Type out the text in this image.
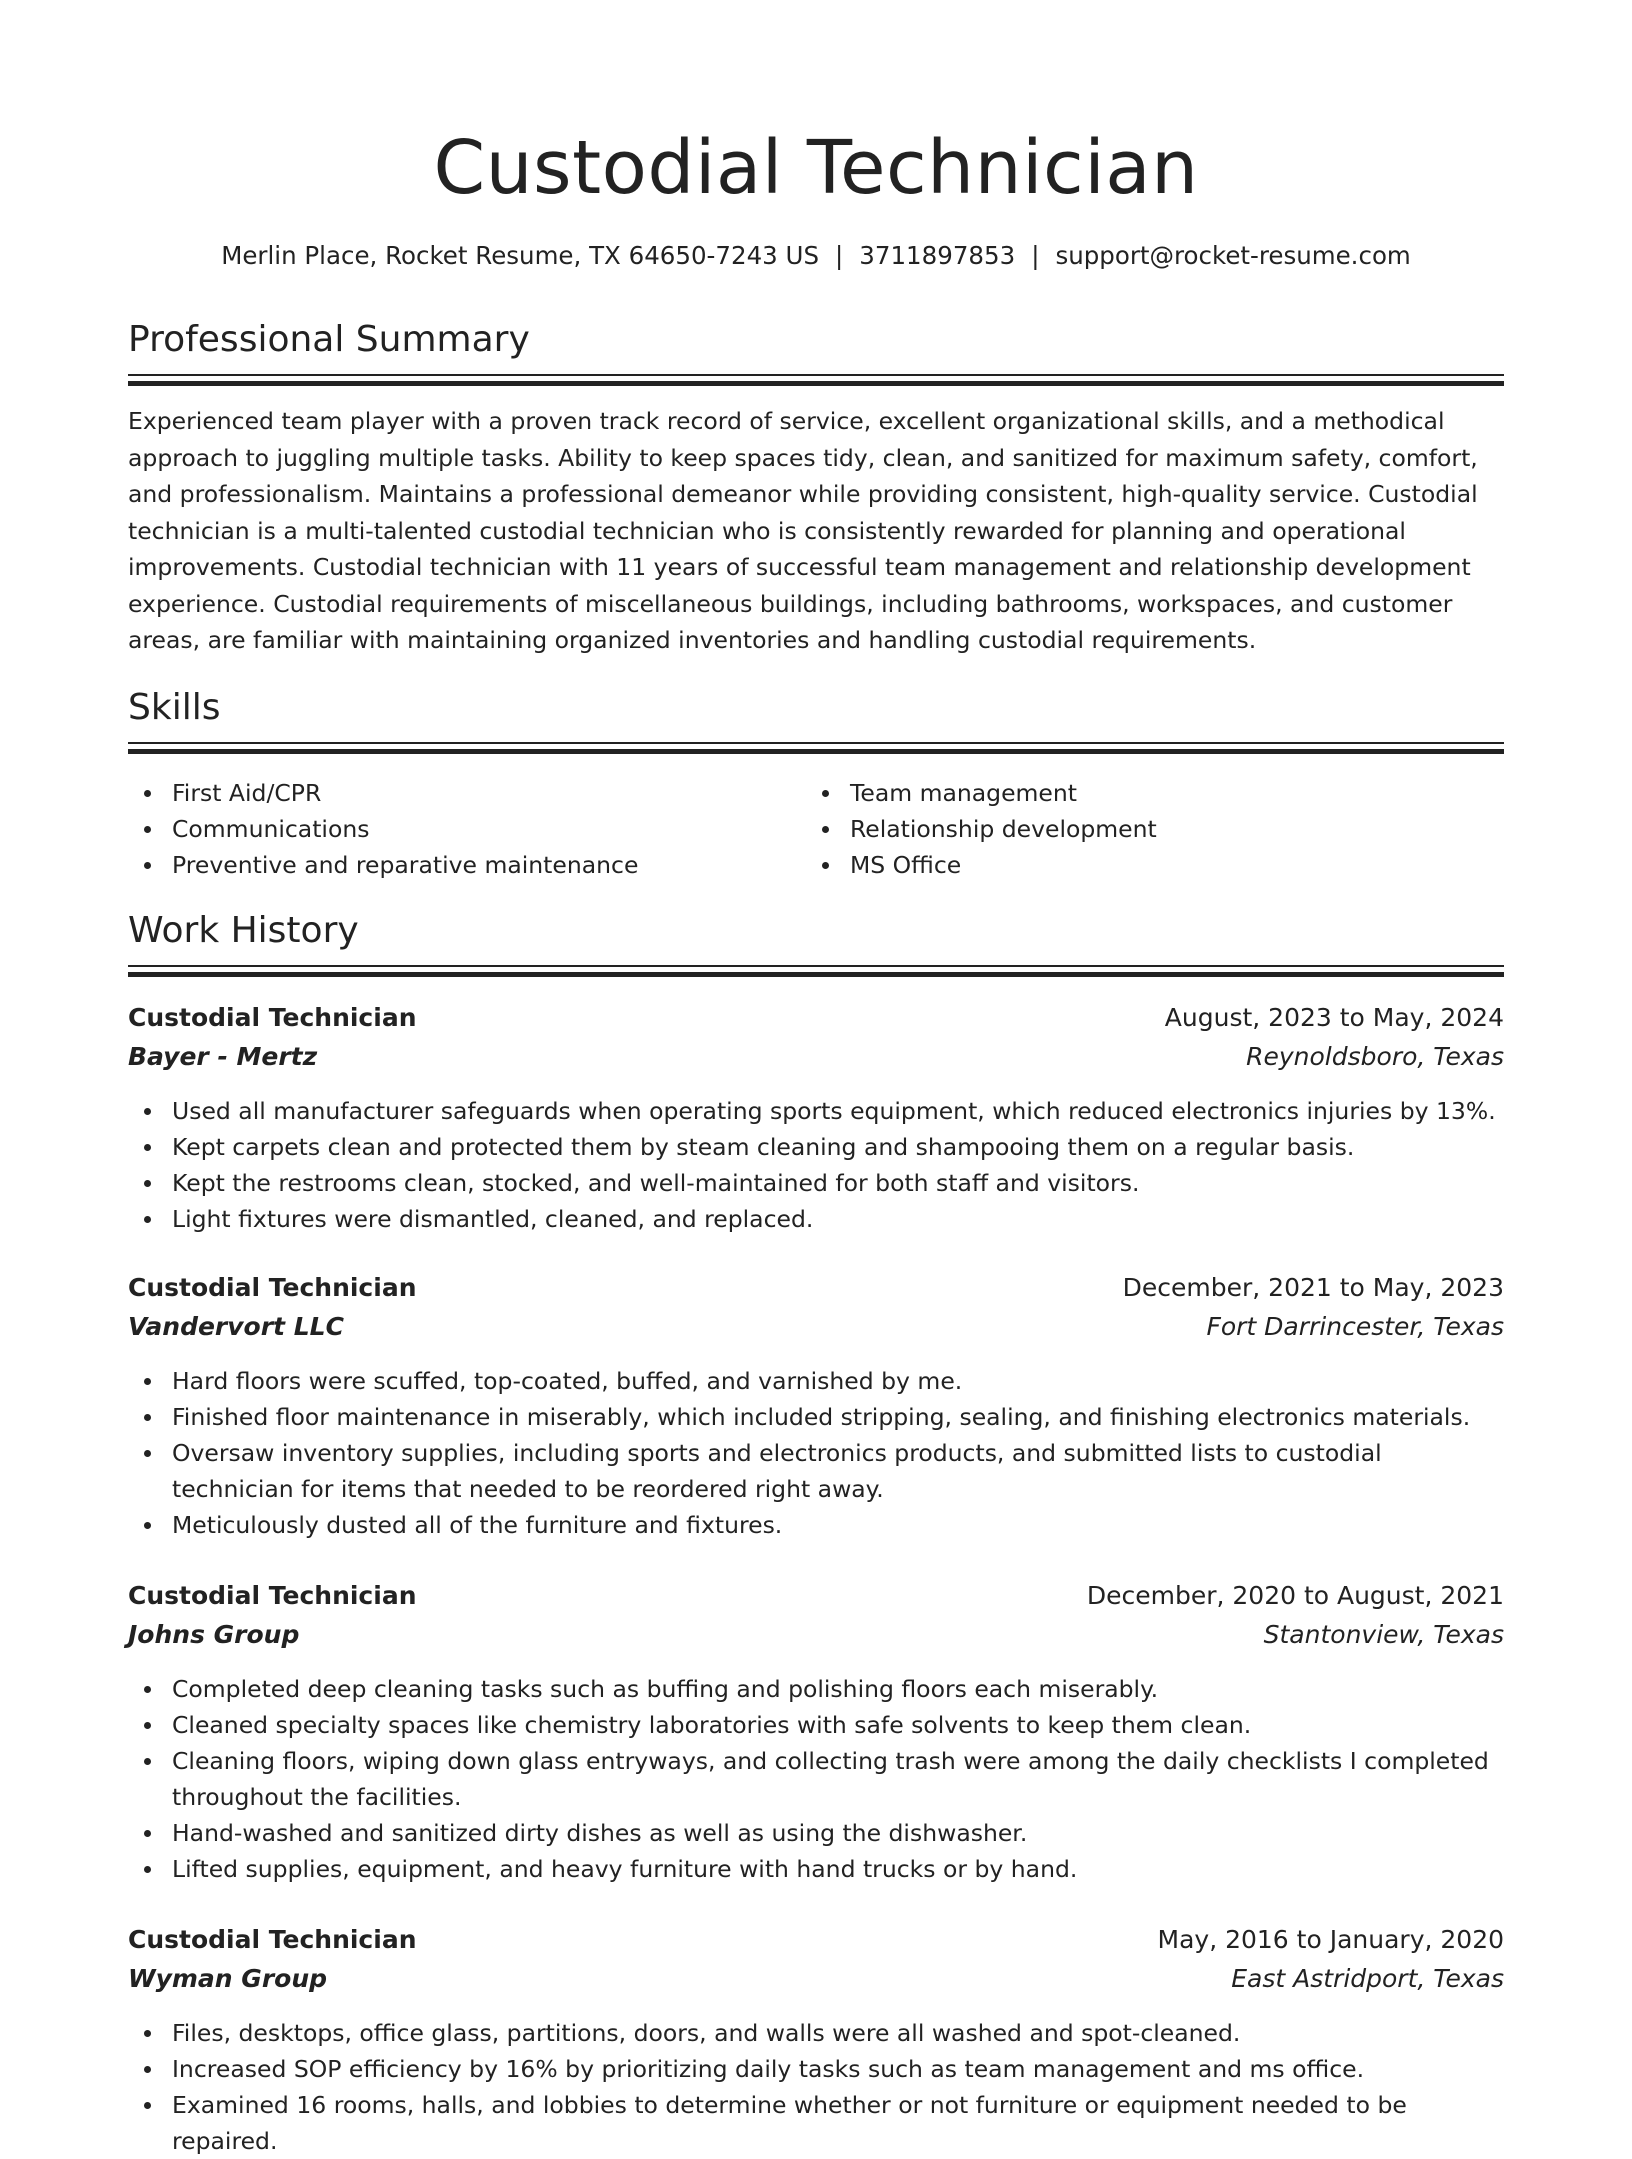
Custodial Technician
Merlin Place, Rocket Resume, TX 64650-7243 US | 3711897853 | support@rocket-resume.com
Professional Summary

Experienced team player with a proven track record of service, excellent organizational skills, and a methodical approach to juggling multiple tasks. Ability to keep spaces tidy, clean, and sanitized for maximum safety, comfort, and professionalism. Maintains a professional demeanor while providing consistent, high-quality service. Custodial technician is a multi-talented custodial technician who is consistently rewarded for planning and operational improvements. Custodial technician with 11 years of successful team management and relationship development experience. Custodial requirements of miscellaneous buildings, including bathrooms, workspaces, and customer areas, are familiar with maintaining organized inventories and handling custodial requirements.

Skills
First Aid/CPR
Communications
Preventive and reparative maintenance
Team management
Relationship development
MS Office
Work History
Custodial Technician	August, 2023 to May, 2024
Bayer - Mertz	Reynoldsboro, Texas
Used all manufacturer safeguards when operating sports equipment, which reduced electronics injuries by 13%.
Kept carpets clean and protected them by steam cleaning and shampooing them on a regular basis.
Kept the restrooms clean, stocked, and well-maintained for both staff and visitors.
Light fixtures were dismantled, cleaned, and replaced.
Custodial Technician	December, 2021 to May, 2023
Vandervort LLC	Fort Darrincester, Texas
Hard floors were scuffed, top-coated, buffed, and varnished by me.
Finished floor maintenance in miserably, which included stripping, sealing, and finishing electronics materials.
Oversaw inventory supplies, including sports and electronics products, and submitted lists to custodial technician for items that needed to be reordered right away.
Meticulously dusted all of the furniture and fixtures.
Custodial Technician	December, 2020 to August, 2021
Johns Group	Stantonview, Texas
Completed deep cleaning tasks such as buffing and polishing floors each miserably.
Cleaned specialty spaces like chemistry laboratories with safe solvents to keep them clean.
Cleaning floors, wiping down glass entryways, and collecting trash were among the daily checklists I completed throughout the facilities.
Hand-washed and sanitized dirty dishes as well as using the dishwasher.
Lifted supplies, equipment, and heavy furniture with hand trucks or by hand.
Custodial Technician	May, 2016 to January, 2020
Wyman Group	East Astridport, Texas
Files, desktops, office glass, partitions, doors, and walls were all washed and spot-cleaned.
Increased SOP efficiency by 16% by prioritizing daily tasks such as team management and ms office.
Examined 16 rooms, halls, and lobbies to determine whether or not furniture or equipment needed to be repaired.
